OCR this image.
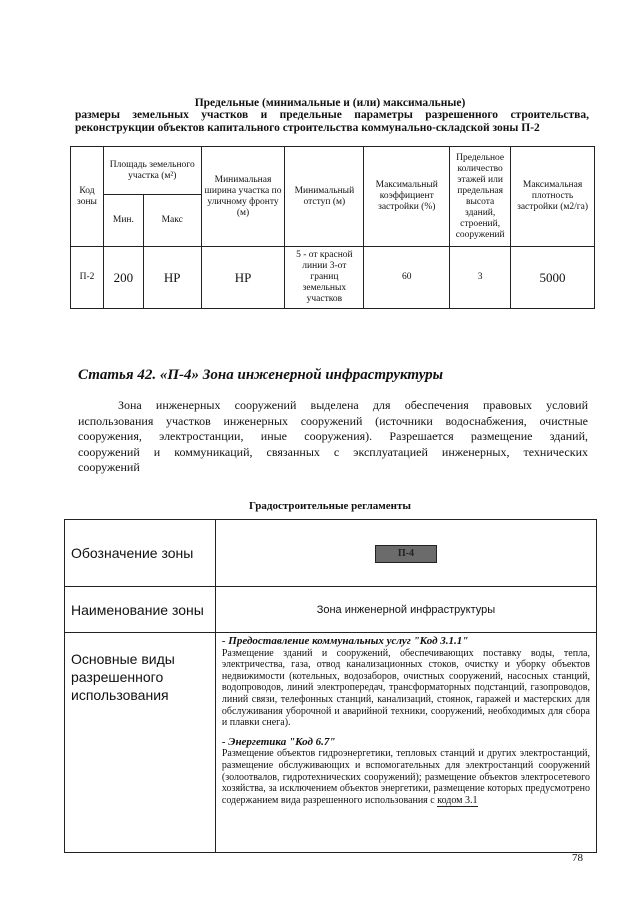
Предельные (минимальные и (или) максимальные)
размеры земельных участков и предельные параметры разрешенного строительства,
реконструкции объектов капитального строительства коммунально-складской зоны П-2
Код зоны	Площадь земельного участка (м²)		Минимальная ширина участка по уличному фронту (м)	Минимальный отступ (м)	Максимальный коэффициент застройки (%)	Предельное количество этажей или предельная высота зданий, строений, сооружений	Максимальная плотность застройки (м2/га)
	Мин.	Макс					
П-2	200	НР	НР	5 - от красной линии 3-от границ земельных участков	60	3	5000
Статья 42. «П-4» Зона инженерной инфраструктуры
Зона инженерных сооружений выделена для обеспечения правовых условий
использования участков инженерных сооружений (источники водоснабжения, очистные
сооружения, электростанции, иные сооружения). Разрешается размещение зданий,
сооружений и коммуникаций, связанных с эксплуатацией инженерных, технических
сооружений
Градостроительные регламенты
Обозначение зоны	П-4
Наименование зоны	Зона инженерной инфраструктуры
Основные виды разрешенного использования	- Предоставление коммунальных услуг "Код 3.1.1"
Размещение зданий и сооружений, обеспечивающих поставку воды, тепла, электричества, газа, отвод канализационных стоков, очистку и уборку объектов недвижимости (котельных, водозаборов, очистных сооружений, насосных станций, водопроводов, линий электропередач, трансформаторных подстанций, газопроводов, линий связи, телефонных станций, канализаций, стоянок, гаражей и мастерских для обслуживания уборочной и аварийной техники, сооружений, необходимых для сбора и плавки снега).
- Энергетика "Код 6.7"
Размещение объектов гидроэнергетики, тепловых станций и других электростанций, размещение обслуживающих и вспомогательных для электростанций сооружений (золоотвалов, гидротехнических сооружений); размещение объектов электросетевого хозяйства, за исключением объектов энергетики, размещение которых предусмотрено содержанием вида разрешенного использования с кодом 3.1
78
